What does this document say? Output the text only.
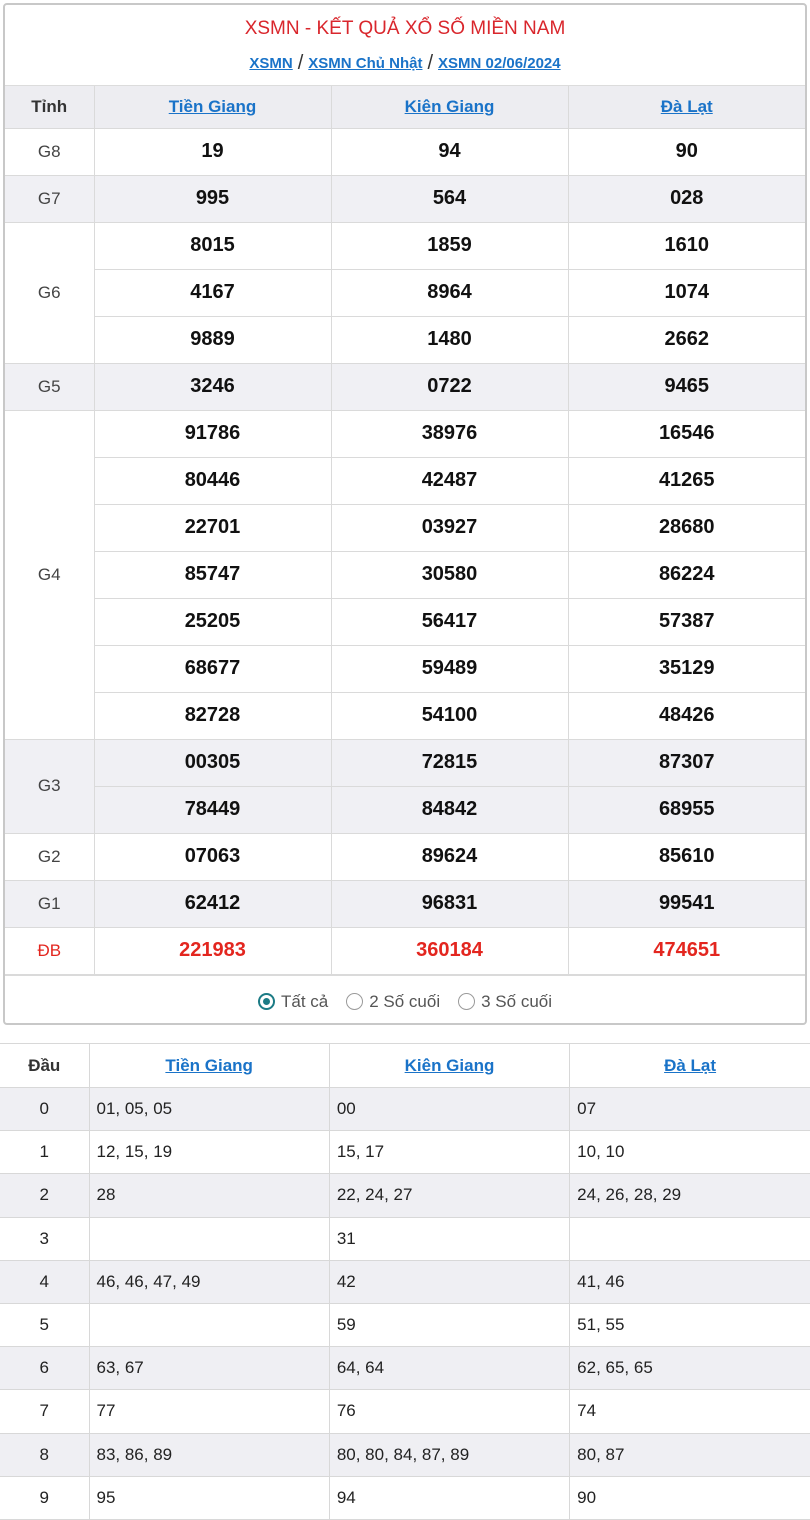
XSMN - KẾT QUẢ XỔ SỐ MIỀN NAM
XSMN / XSMN Chủ Nhật / XSMN 02/06/2024
Tỉnh	Tiền Giang	Kiên Giang	Đà Lạt
G8	19	94	90
G7	995	564	028
G6	8015	1859	1610
	4167	8964	1074
	9889	1480	2662
G5	3246	0722	9465
G4	91786	38976	16546
	80446	42487	41265
	22701	03927	28680
	85747	30580	86224
	25205	56417	57387
	68677	59489	35129
	82728	54100	48426
G3	00305	72815	87307
	78449	84842	68955
G2	07063	89624	85610
G1	62412	96831	99541
ĐB	221983	360184	474651
Tất cả 2 Số cuối 3 Số cuối
Đầu	Tiền Giang	Kiên Giang	Đà Lạt
0	01, 05, 05	00	07
1	12, 15, 19	15, 17	10, 10
2	28	22, 24, 27	24, 26, 28, 29
3		31	
4	46, 46, 47, 49	42	41, 46
5		59	51, 55
6	63, 67	64, 64	62, 65, 65
7	77	76	74
8	83, 86, 89	80, 80, 84, 87, 89	80, 87
9	95	94	90
